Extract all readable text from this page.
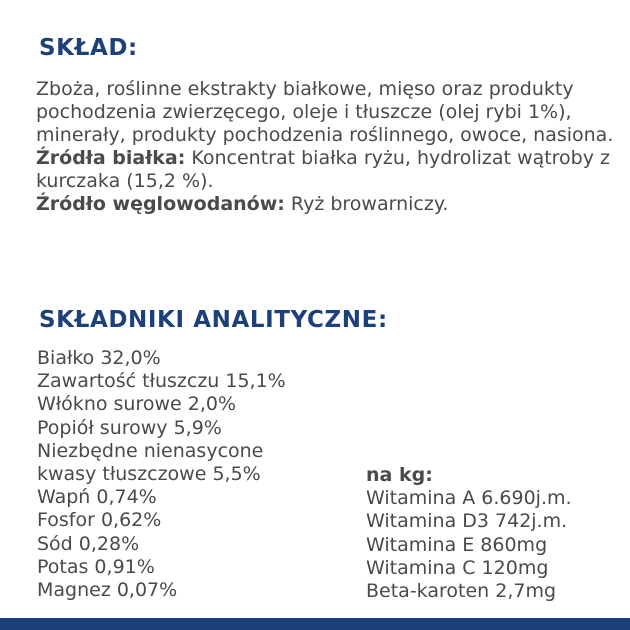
SKŁAD:

Zboża, roślinne ekstrakty białkowe, mięso oraz produkty pochodzenia zwierzęcego, oleje i tłuszcze (olej rybi 1%), minerały, produkty pochodzenia roślinnego, owoce, nasiona.
Źródła białka: Koncentrat białka ryżu, hydrolizat wątroby z kurczaka (15,2 %).
Źródło węglowodanów: Ryż browarniczy.

SKŁADNIKI ANALITYCZNE:
Białko 32,0%
Zawartość tłuszczu 15,1%
Włókno surowe 2,0%
Popiół surowy 5,9%
Niezbędne nienasycone
kwasy tłuszczowe 5,5%
Wapń 0,74%
Fosfor 0,62%
Sód 0,28%
Potas 0,91%
Magnez 0,07%
na kg:
Witamina A 6.690j.m.
Witamina D3 742j.m.
Witamina E 860mg
Witamina C 120mg
Beta-karoten 2,7mg
